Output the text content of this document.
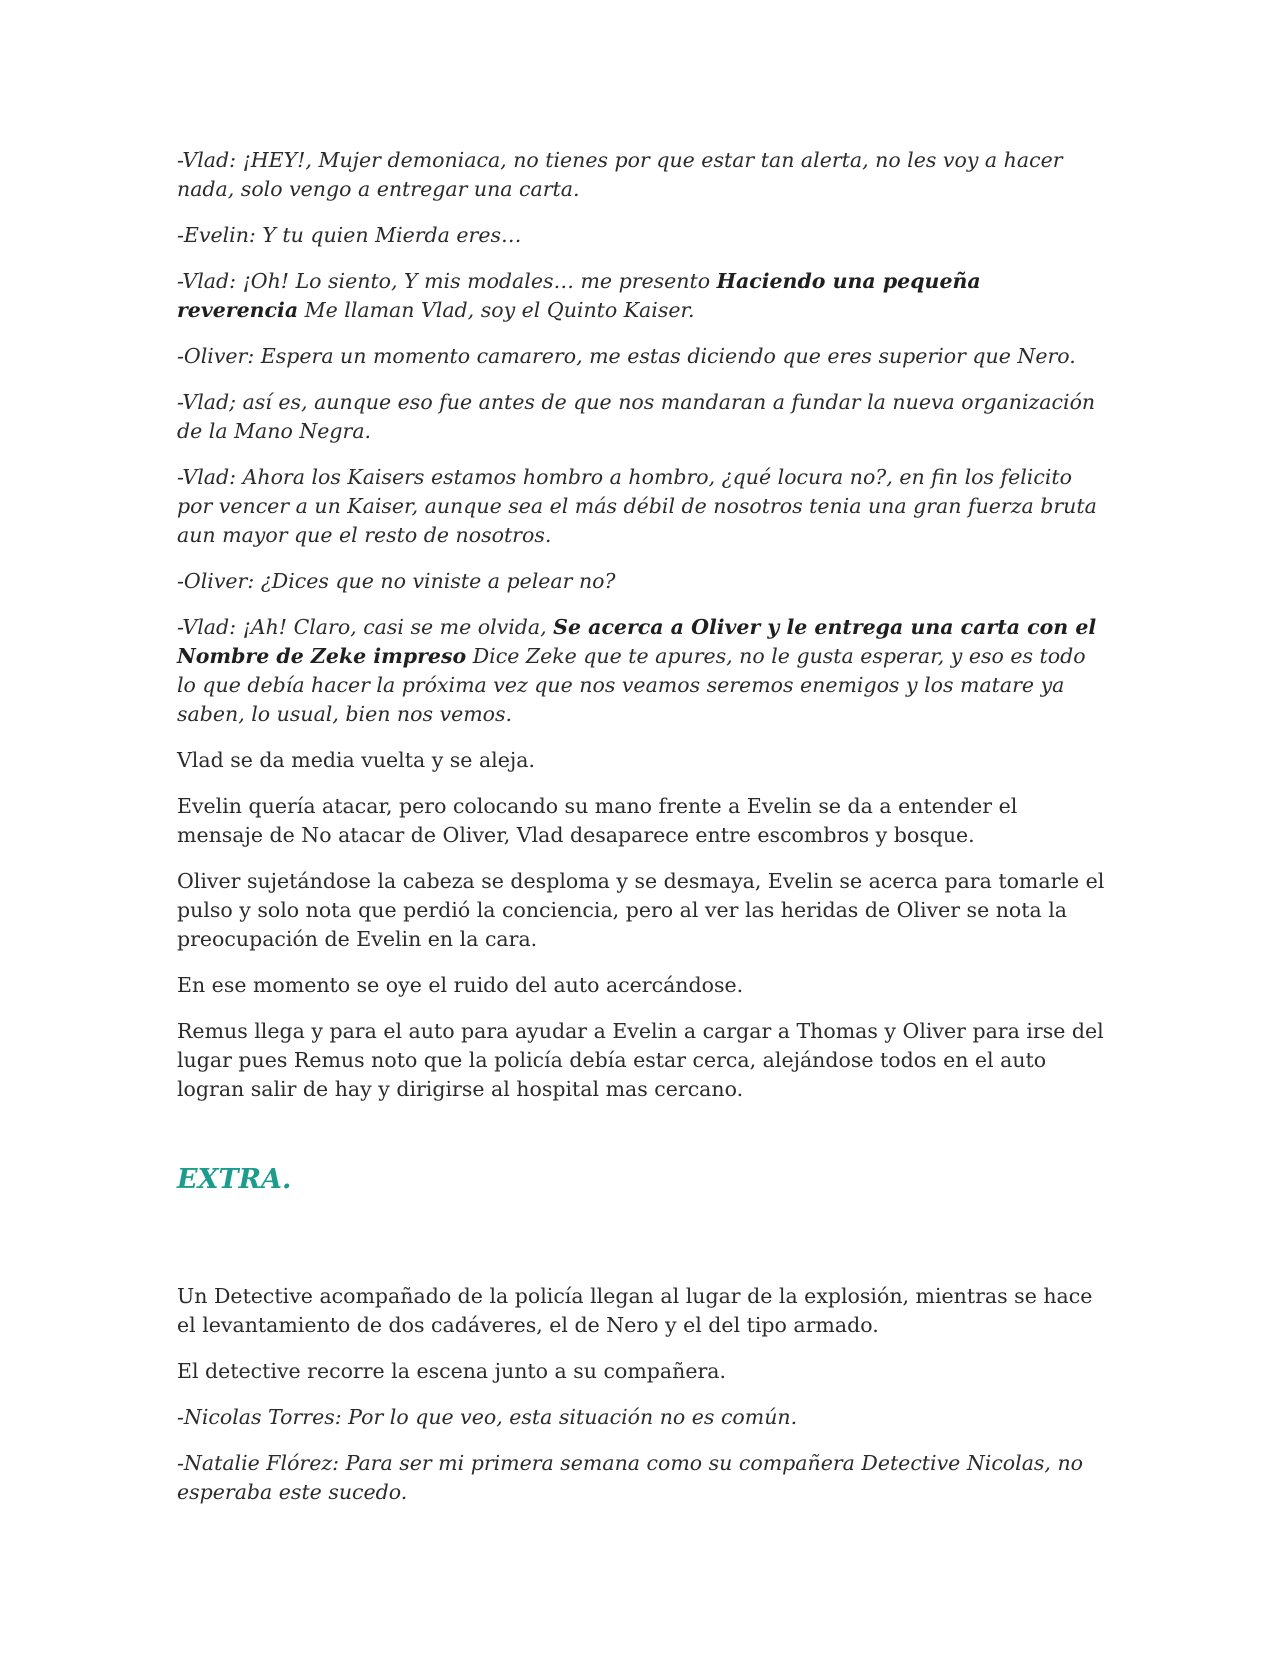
-Vlad: ¡HEY!, Mujer demoniaca, no tienes por que estar tan alerta, no les voy a hacer nada, solo vengo a entregar una carta.

-Evelin: Y tu quien Mierda eres…

-Vlad: ¡Oh! Lo siento, Y mis modales… me presento Haciendo una pequeña reverencia Me llaman Vlad, soy el Quinto Kaiser.

-Oliver: Espera un momento camarero, me estas diciendo que eres superior que Nero.

-Vlad; así es, aunque eso fue antes de que nos mandaran a fundar la nueva organización de la Mano Negra.

-Vlad: Ahora los Kaisers estamos hombro a hombro, ¿qué locura no?, en fin los felicito por vencer a un Kaiser, aunque sea el más débil de nosotros tenia una gran fuerza bruta aun mayor que el resto de nosotros.

-Oliver: ¿Dices que no viniste a pelear no?

-Vlad: ¡Ah! Claro, casi se me olvida, Se acerca a Oliver y le entrega una carta con el Nombre de Zeke impreso Dice Zeke que te apures, no le gusta esperar, y eso es todo lo que debía hacer la próxima vez que nos veamos seremos enemigos y los matare ya saben, lo usual, bien nos vemos.

Vlad se da media vuelta y se aleja.

Evelin quería atacar, pero colocando su mano frente a Evelin se da a entender el mensaje de No atacar de Oliver, Vlad desaparece entre escombros y bosque.

Oliver sujetándose la cabeza se desploma y se desmaya, Evelin se acerca para tomarle el pulso y solo nota que perdió la conciencia, pero al ver las heridas de Oliver se nota la preocupación de Evelin en la cara.

En ese momento se oye el ruido del auto acercándose.

Remus llega y para el auto para ayudar a Evelin a cargar a Thomas y Oliver para irse del lugar pues Remus noto que la policía debía estar cerca, alejándose todos en el auto logran salir de hay y dirigirse al hospital mas cercano.

EXTRA.

Un Detective acompañado de la policía llegan al lugar de la explosión, mientras se hace el levantamiento de dos cadáveres, el de Nero y el del tipo armado.

El detective recorre la escena junto a su compañera.

-Nicolas Torres: Por lo que veo, esta situación no es común.

-Natalie Flórez: Para ser mi primera semana como su compañera Detective Nicolas, no esperaba este sucedo.
